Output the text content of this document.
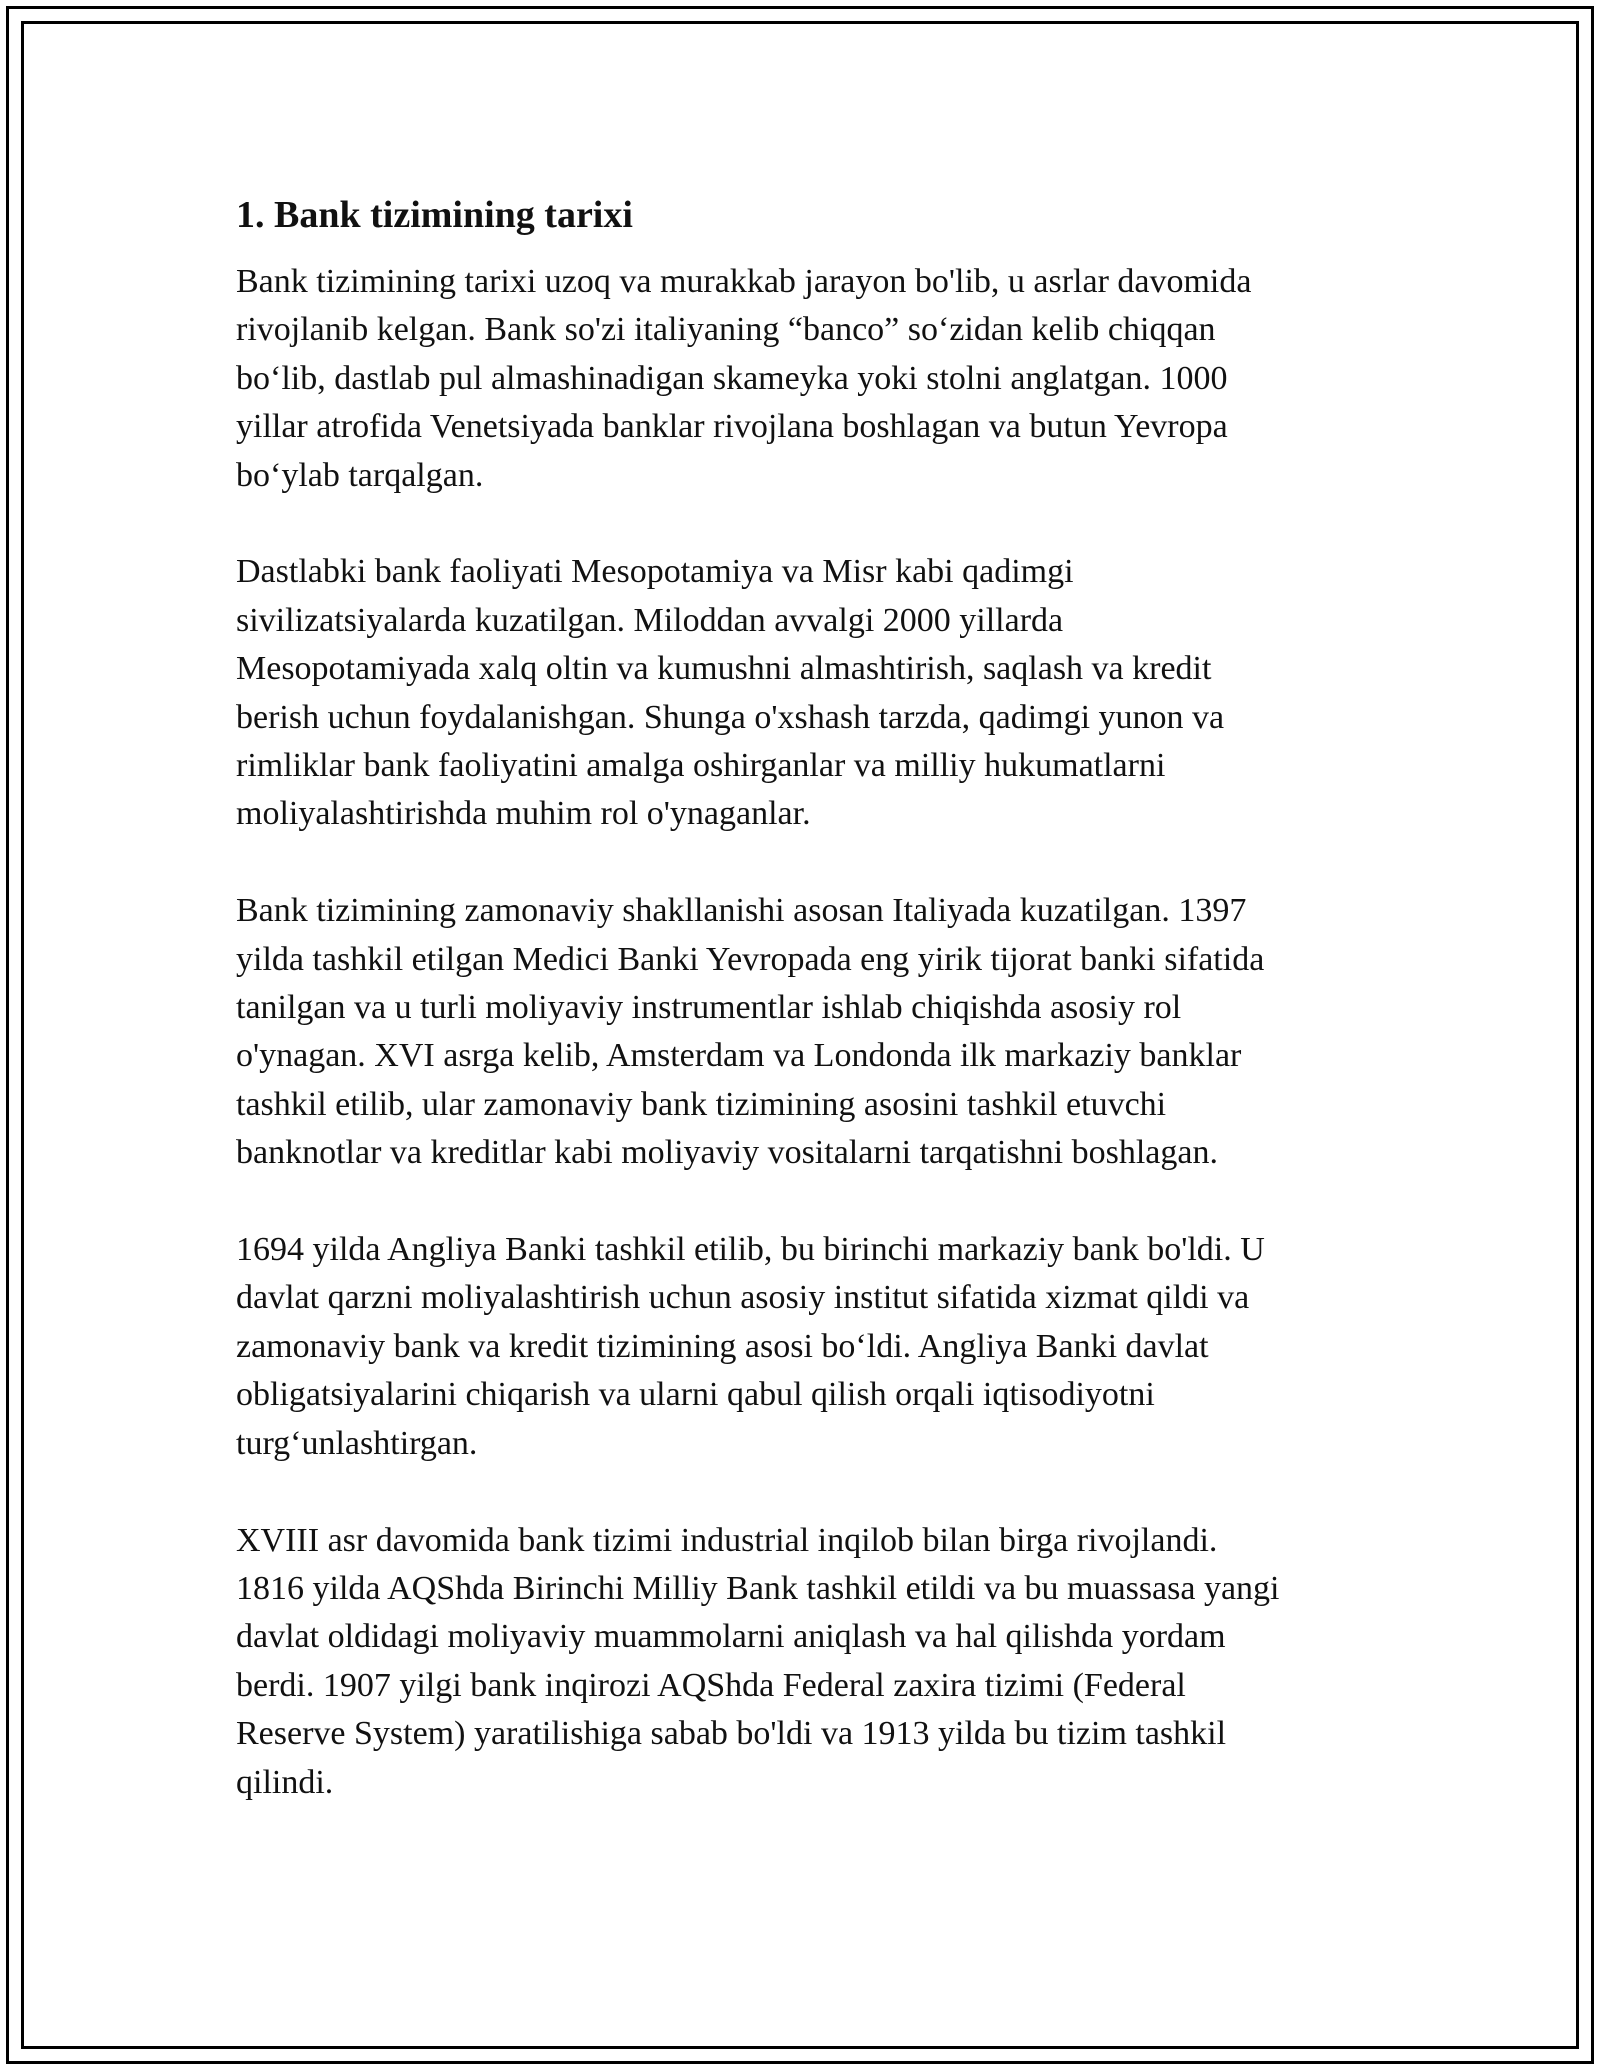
1. Bank tizimining tarixi

Bank tizimining tarixi uzoq va murakkab jarayon bo'lib, u asrlar davomida
rivojlanib kelgan. Bank so'zi italiyaning “banco” so‘zidan kelib chiqqan
bo‘lib, dastlab pul almashinadigan skameyka yoki stolni anglatgan. 1000
yillar atrofida Venetsiyada banklar rivojlana boshlagan va butun Yevropa
bo‘ylab tarqalgan.

Dastlabki bank faoliyati Mesopotamiya va Misr kabi qadimgi
sivilizatsiyalarda kuzatilgan. Miloddan avvalgi 2000 yillarda
Mesopotamiyada xalq oltin va kumushni almashtirish, saqlash va kredit
berish uchun foydalanishgan. Shunga o'xshash tarzda, qadimgi yunon va
rimliklar bank faoliyatini amalga oshirganlar va milliy hukumatlarni
moliyalashtirishda muhim rol o'ynaganlar.

Bank tizimining zamonaviy shakllanishi asosan Italiyada kuzatilgan. 1397
yilda tashkil etilgan Medici Banki Yevropada eng yirik tijorat banki sifatida
tanilgan va u turli moliyaviy instrumentlar ishlab chiqishda asosiy rol
o'ynagan. XVI asrga kelib, Amsterdam va Londonda ilk markaziy banklar
tashkil etilib, ular zamonaviy bank tizimining asosini tashkil etuvchi
banknotlar va kreditlar kabi moliyaviy vositalarni tarqatishni boshlagan.

1694 yilda Angliya Banki tashkil etilib, bu birinchi markaziy bank bo'ldi. U
davlat qarzni moliyalashtirish uchun asosiy institut sifatida xizmat qildi va
zamonaviy bank va kredit tizimining asosi bo‘ldi. Angliya Banki davlat
obligatsiyalarini chiqarish va ularni qabul qilish orqali iqtisodiyotni
turg‘unlashtirgan.

XVIII asr davomida bank tizimi industrial inqilob bilan birga rivojlandi.
1816 yilda AQShda Birinchi Milliy Bank tashkil etildi va bu muassasa yangi
davlat oldidagi moliyaviy muammolarni aniqlash va hal qilishda yordam
berdi. 1907 yilgi bank inqirozi AQShda Federal zaxira tizimi (Federal
Reserve System) yaratilishiga sabab bo'ldi va 1913 yilda bu tizim tashkil
qilindi.
